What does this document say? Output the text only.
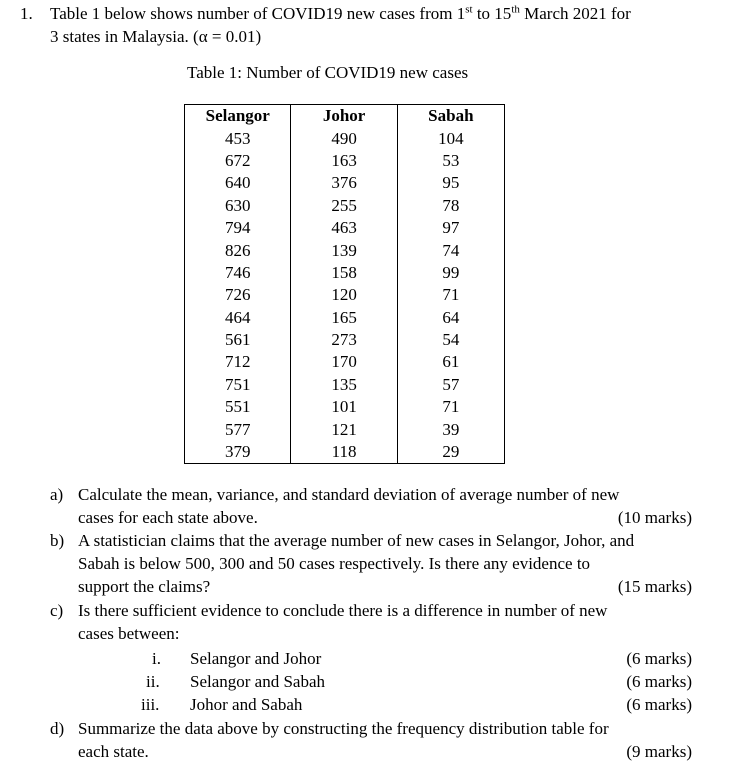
1. Table 1 below shows number of COVID19 new cases from 1st to 15th March 2021 for
3 states in Malaysia. (α = 0.01)
Table 1: Number of COVID19 new cases
Selangor	Johor	Sabah
453	490	104
672	163	53
640	376	95
630	255	78
794	463	97
826	139	74
746	158	99
726	120	71
464	165	64
561	273	54
712	170	61
751	135	57
551	101	71
577	121	39
379	118	29
a) Calculate the mean, variance, and standard deviation of average number of new
cases for each state above.	(10 marks)
b) A statistician claims that the average number of new cases in Selangor, Johor, and
Sabah is below 500, 300 and 50 cases respectively. Is there any evidence to
support the claims?	(15 marks)
c) Is there sufficient evidence to conclude there is a difference in number of new
cases between:
i. Selangor and Johor	(6 marks)
ii. Selangor and Sabah	(6 marks)
iii. Johor and Sabah	(6 marks)
d) Summarize the data above by constructing the frequency distribution table for
each state.	(9 marks)
